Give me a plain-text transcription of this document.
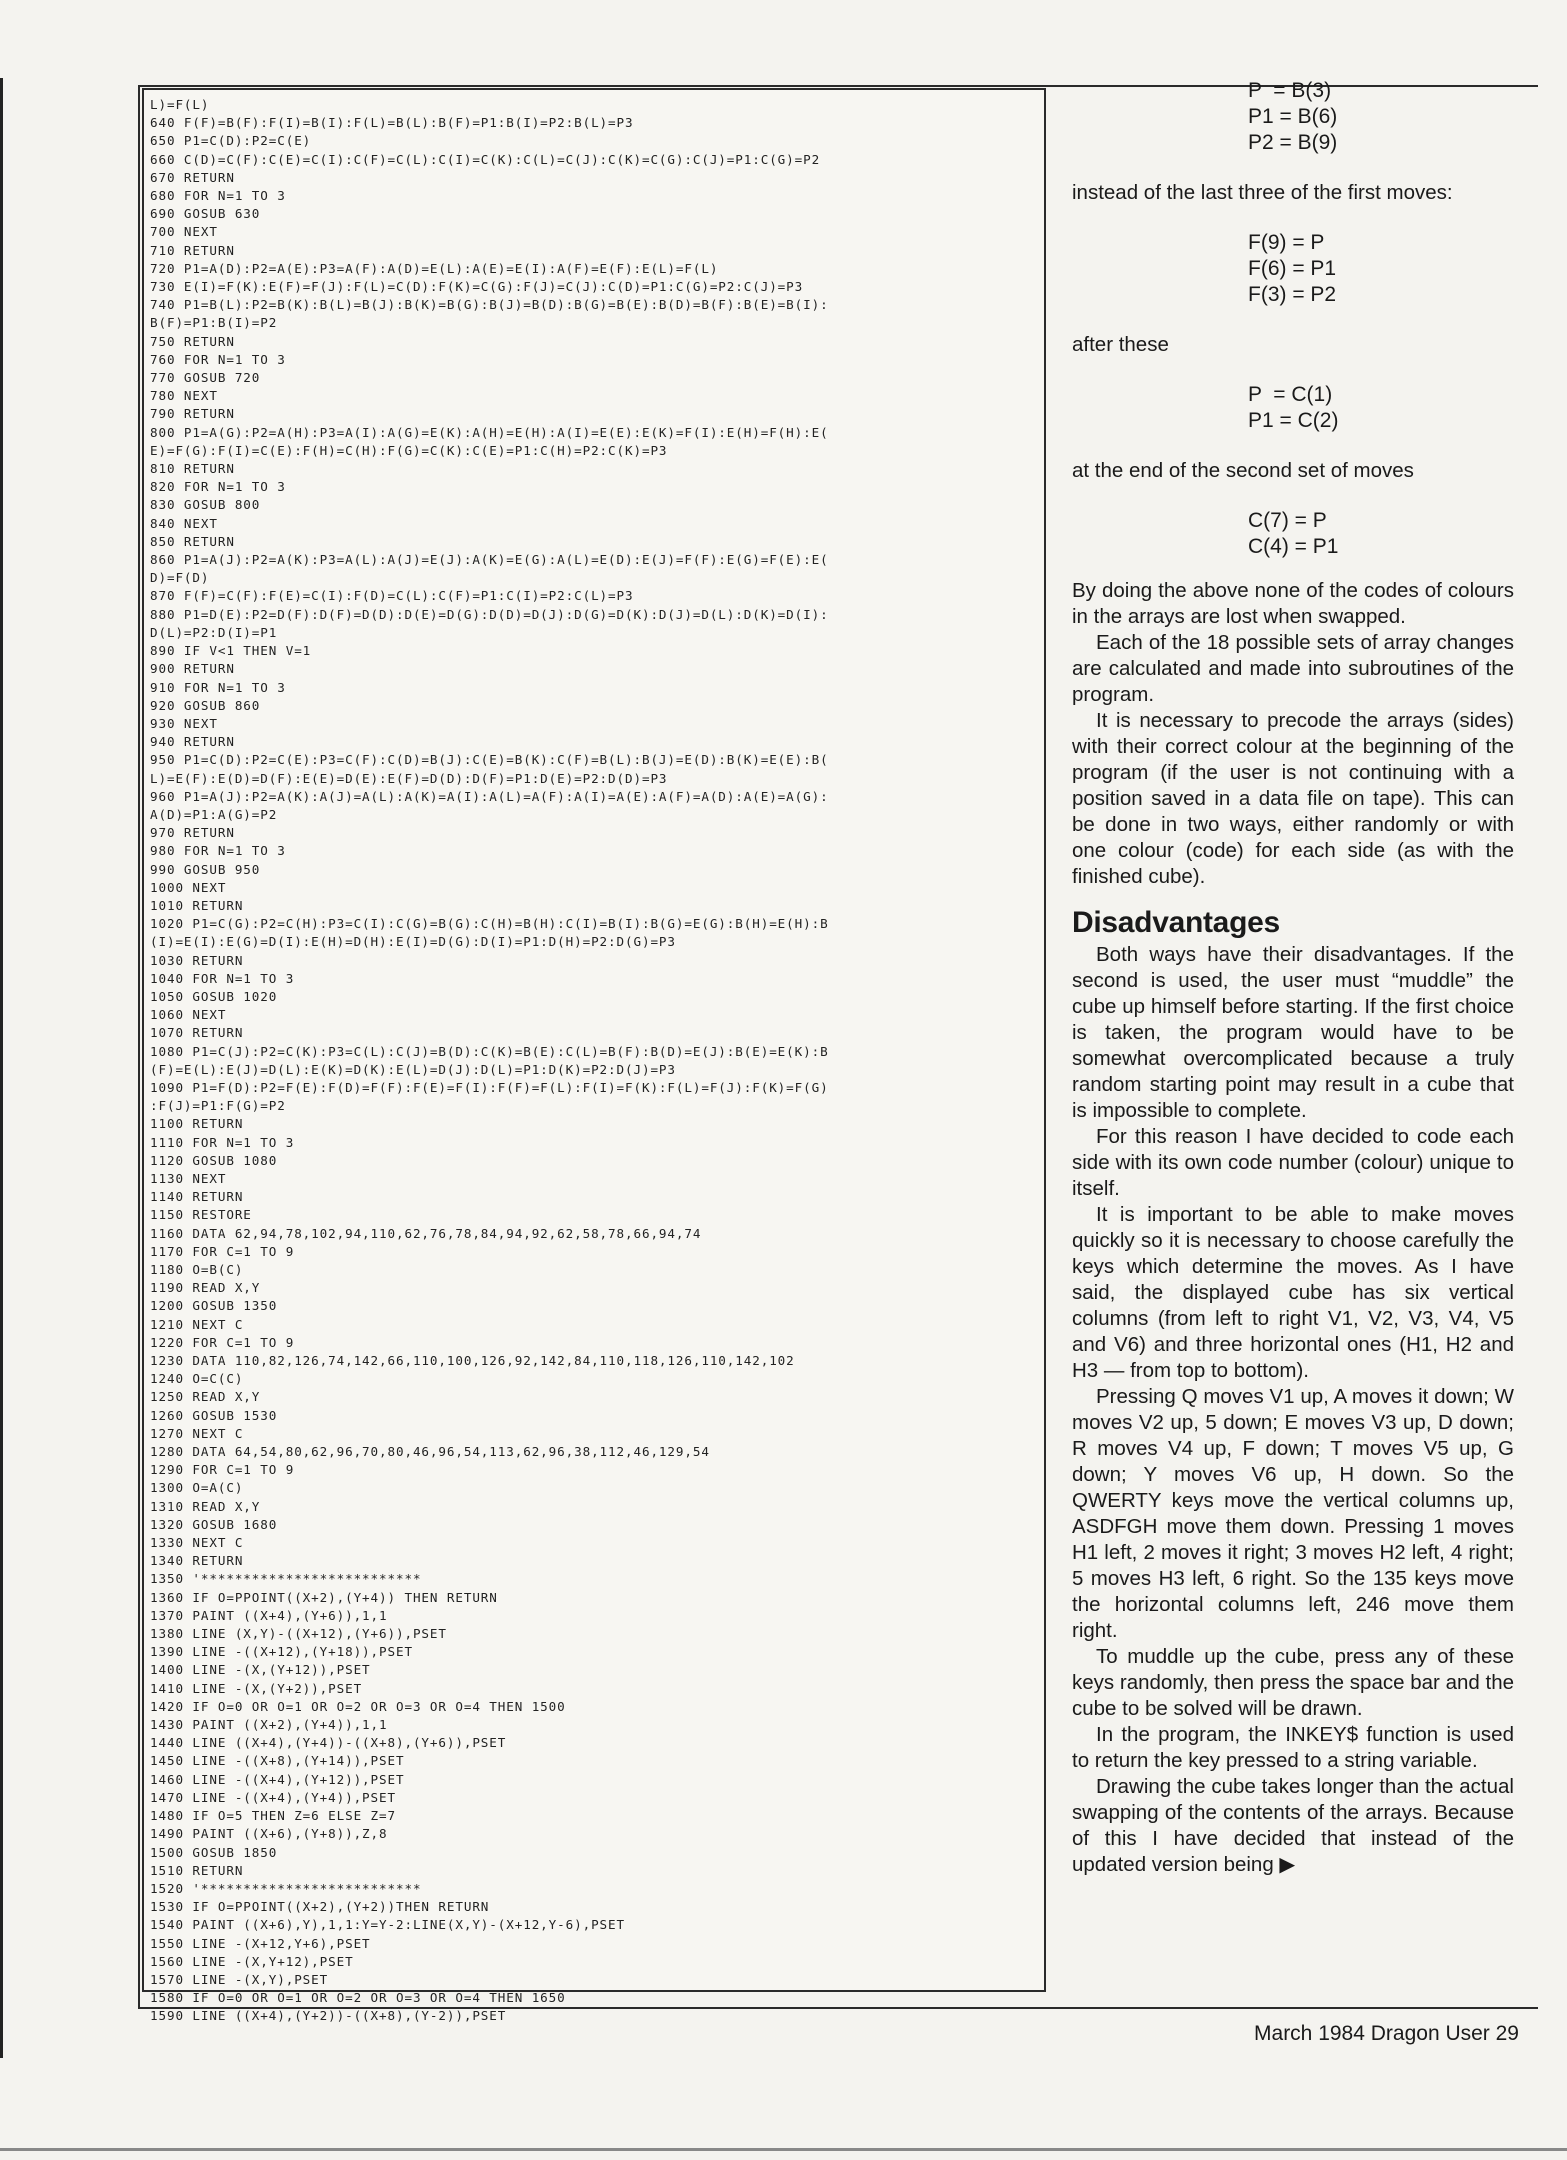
L)=F(L)
640 F(F)=B(F):F(I)=B(I):F(L)=B(L):B(F)=P1:B(I)=P2:B(L)=P3
650 P1=C(D):P2=C(E)
660 C(D)=C(F):C(E)=C(I):C(F)=C(L):C(I)=C(K):C(L)=C(J):C(K)=C(G):C(J)=P1:C(G)=P2
670 RETURN
680 FOR N=1 TO 3
690 GOSUB 630
700 NEXT
710 RETURN
720 P1=A(D):P2=A(E):P3=A(F):A(D)=E(L):A(E)=E(I):A(F)=E(F):E(L)=F(L)
730 E(I)=F(K):E(F)=F(J):F(L)=C(D):F(K)=C(G):F(J)=C(J):C(D)=P1:C(G)=P2:C(J)=P3
740 P1=B(L):P2=B(K):B(L)=B(J):B(K)=B(G):B(J)=B(D):B(G)=B(E):B(D)=B(F):B(E)=B(I):
B(F)=P1:B(I)=P2
750 RETURN
760 FOR N=1 TO 3
770 GOSUB 720
780 NEXT
790 RETURN
800 P1=A(G):P2=A(H):P3=A(I):A(G)=E(K):A(H)=E(H):A(I)=E(E):E(K)=F(I):E(H)=F(H):E(
E)=F(G):F(I)=C(E):F(H)=C(H):F(G)=C(K):C(E)=P1:C(H)=P2:C(K)=P3
810 RETURN
820 FOR N=1 TO 3
830 GOSUB 800
840 NEXT
850 RETURN
860 P1=A(J):P2=A(K):P3=A(L):A(J)=E(J):A(K)=E(G):A(L)=E(D):E(J)=F(F):E(G)=F(E):E(
D)=F(D)
870 F(F)=C(F):F(E)=C(I):F(D)=C(L):C(F)=P1:C(I)=P2:C(L)=P3
880 P1=D(E):P2=D(F):D(F)=D(D):D(E)=D(G):D(D)=D(J):D(G)=D(K):D(J)=D(L):D(K)=D(I):
D(L)=P2:D(I)=P1
890 IF V<1 THEN V=1
900 RETURN
910 FOR N=1 TO 3
920 GOSUB 860
930 NEXT
940 RETURN
950 P1=C(D):P2=C(E):P3=C(F):C(D)=B(J):C(E)=B(K):C(F)=B(L):B(J)=E(D):B(K)=E(E):B(
L)=E(F):E(D)=D(F):E(E)=D(E):E(F)=D(D):D(F)=P1:D(E)=P2:D(D)=P3
960 P1=A(J):P2=A(K):A(J)=A(L):A(K)=A(I):A(L)=A(F):A(I)=A(E):A(F)=A(D):A(E)=A(G):
A(D)=P1:A(G)=P2
970 RETURN
980 FOR N=1 TO 3
990 GOSUB 950
1000 NEXT
1010 RETURN
1020 P1=C(G):P2=C(H):P3=C(I):C(G)=B(G):C(H)=B(H):C(I)=B(I):B(G)=E(G):B(H)=E(H):B
(I)=E(I):E(G)=D(I):E(H)=D(H):E(I)=D(G):D(I)=P1:D(H)=P2:D(G)=P3
1030 RETURN
1040 FOR N=1 TO 3
1050 GOSUB 1020
1060 NEXT
1070 RETURN
1080 P1=C(J):P2=C(K):P3=C(L):C(J)=B(D):C(K)=B(E):C(L)=B(F):B(D)=E(J):B(E)=E(K):B
(F)=E(L):E(J)=D(L):E(K)=D(K):E(L)=D(J):D(L)=P1:D(K)=P2:D(J)=P3
1090 P1=F(D):P2=F(E):F(D)=F(F):F(E)=F(I):F(F)=F(L):F(I)=F(K):F(L)=F(J):F(K)=F(G)
:F(J)=P1:F(G)=P2
1100 RETURN
1110 FOR N=1 TO 3
1120 GOSUB 1080
1130 NEXT
1140 RETURN
1150 RESTORE
1160 DATA 62,94,78,102,94,110,62,76,78,84,94,92,62,58,78,66,94,74
1170 FOR C=1 TO 9
1180 O=B(C)
1190 READ X,Y
1200 GOSUB 1350
1210 NEXT C
1220 FOR C=1 TO 9
1230 DATA 110,82,126,74,142,66,110,100,126,92,142,84,110,118,126,110,142,102
1240 O=C(C)
1250 READ X,Y
1260 GOSUB 1530
1270 NEXT C
1280 DATA 64,54,80,62,96,70,80,46,96,54,113,62,96,38,112,46,129,54
1290 FOR C=1 TO 9
1300 O=A(C)
1310 READ X,Y
1320 GOSUB 1680
1330 NEXT C
1340 RETURN
1350 '**************************
1360 IF O=PPOINT((X+2),(Y+4)) THEN RETURN
1370 PAINT ((X+4),(Y+6)),1,1
1380 LINE (X,Y)-((X+12),(Y+6)),PSET
1390 LINE -((X+12),(Y+18)),PSET
1400 LINE -(X,(Y+12)),PSET
1410 LINE -(X,(Y+2)),PSET
1420 IF O=0 OR O=1 OR O=2 OR O=3 OR O=4 THEN 1500
1430 PAINT ((X+2),(Y+4)),1,1
1440 LINE ((X+4),(Y+4))-((X+8),(Y+6)),PSET
1450 LINE -((X+8),(Y+14)),PSET
1460 LINE -((X+4),(Y+12)),PSET
1470 LINE -((X+4),(Y+4)),PSET
1480 IF O=5 THEN Z=6 ELSE Z=7
1490 PAINT ((X+6),(Y+8)),Z,8
1500 GOSUB 1850
1510 RETURN
1520 '**************************
1530 IF O=PPOINT((X+2),(Y+2))THEN RETURN
1540 PAINT ((X+6),Y),1,1:Y=Y-2:LINE(X,Y)-(X+12,Y-6),PSET
1550 LINE -(X+12,Y+6),PSET
1560 LINE -(X,Y+12),PSET
1570 LINE -(X,Y),PSET
1580 IF O=0 OR O=1 OR O=2 OR O=3 OR O=4 THEN 1650
1590 LINE ((X+4),(Y+2))-((X+8),(Y-2)),PSET
P  = B(3)
P1 = B(6)
P2 = B(9)

instead of the last three of the first moves:

F(9) = P
F(6) = P1
F(3) = P2

after these

P  = C(1)
P1 = C(2)

at the end of the second set of moves

C(7) = P
C(4) = P1

By doing the above none of the codes of colours in the arrays are lost when swapped.

Each of the 18 possible sets of array changes are calculated and made into subroutines of the program.

It is necessary to precode the arrays (sides) with their correct colour at the beginning of the program (if the user is not continuing with a position saved in a data file on tape). This can be done in two ways, either randomly or with one colour (code) for each side (as with the finished cube).

Disadvantages

Both ways have their disadvantages. If the second is used, the user must “muddle” the cube up himself before starting. If the first choice is taken, the program would have to be somewhat overcomplicated because a truly random starting point may result in a cube that is impossible to complete.

For this reason I have decided to code each side with its own code number (colour) unique to itself.

It is important to be able to make moves quickly so it is necessary to choose carefully the keys which determine the moves. As I have said, the displayed cube has six vertical columns (from left to right V1, V2, V3, V4, V5 and V6) and three horizontal ones (H1, H2 and H3 — from top to bottom).

Pressing Q moves V1 up, A moves it down; W moves V2 up, 5 down; E moves V3 up, D down; R moves V4 up, F down; T moves V5 up, G down; Y moves V6 up, H down. So the QWERTY keys move the vertical columns up, ASDFGH move them down. Pressing 1 moves H1 left, 2 moves it right; 3 moves H2 left, 4 right; 5 moves H3 left, 6 right. So the 135 keys move the horizontal columns left, 246 move them right.

To muddle up the cube, press any of these keys randomly, then press the space bar and the cube to be solved will be drawn.

In the program, the INKEY$ function is used to return the key pressed to a string variable.

Drawing the cube takes longer than the actual swapping of the contents of the arrays. Because of this I have decided that instead of the updated version being ▶

March 1984 Dragon User 29
